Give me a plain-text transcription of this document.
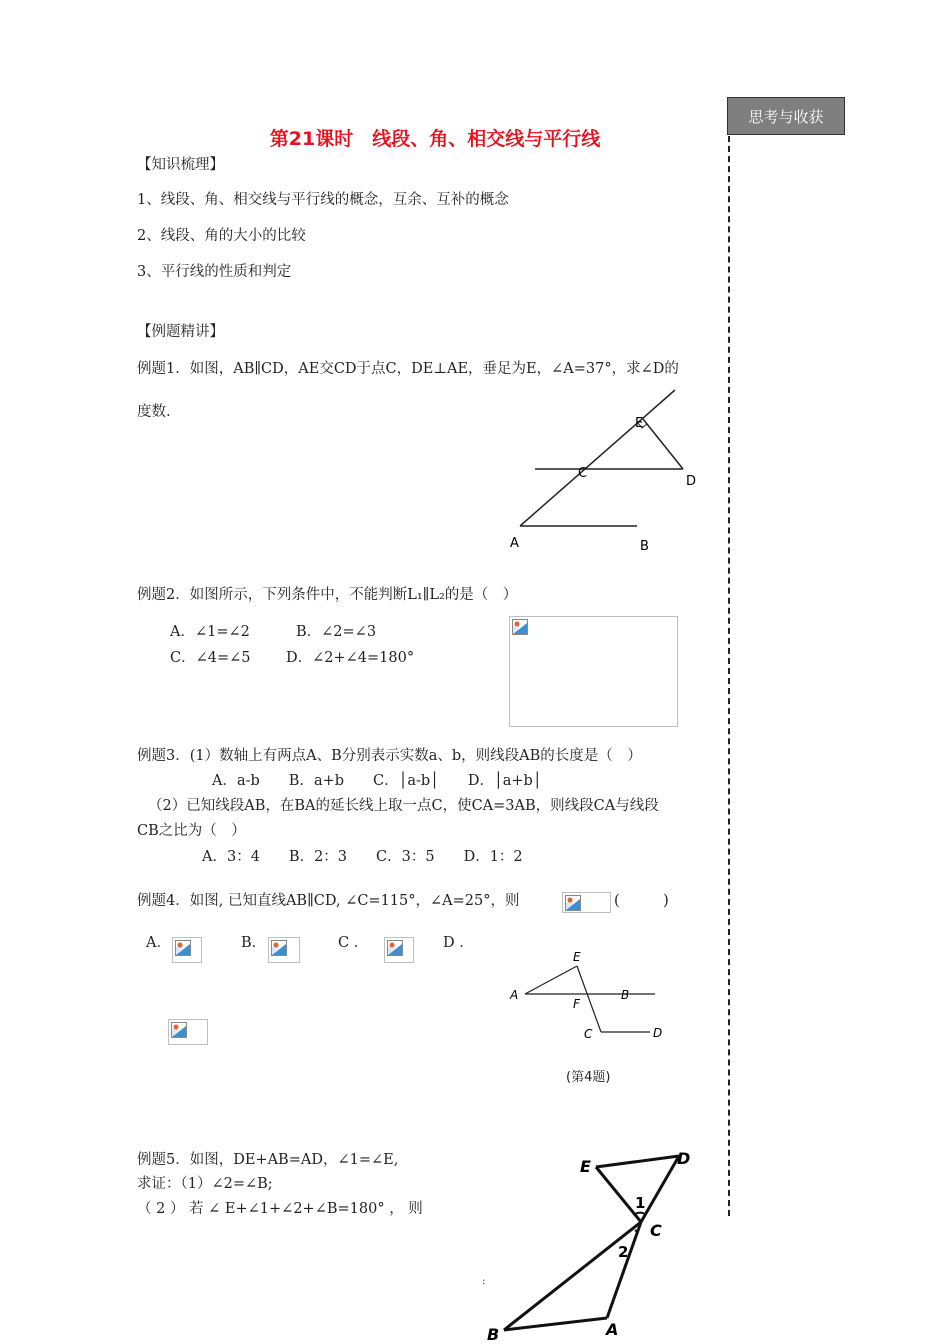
思考与收获
第21课时　线段、角、相交线与平行线
【知识梳理】
1、线段、角、相交线与平行线的概念，互余、互补的概念
2、线段、角的大小的比较
3、平行线的性质和判定
【例题精讲】
例题1．如图，AB∥CD，AE交CD于点C，DE⊥AE，垂足为E，∠A=37°，求∠D的
度数.
E
C
D
A	B
例题2．如图所示，下列条件中，不能判断L₁∥L₂的是（　）
A．∠1=∠2	B．∠2=∠3
C．∠4=∠5 D．∠2+∠4=180°
例题3．(1）数轴上有两点A、B分别表示实数a、b，则线段AB的长度是（　）
A．a-b　　B．a+b　　C．│a-b│　　D．│a+b│
（2）已知线段AB，在BA的延长线上取一点C，使CA=3AB，则线段CA与线段
CB之比为（　）
A．3：4　　B．2：3　　C．3：5　　D．1：2
例题4．如图, 已知直线AB∥CD, ∠C=115°，∠A=25°，则	(　　　)
A．	B．	C ．	D ．
E
A
F
B
C	D
(第4题)
例题5．如图，DE+AB=AD，∠1=∠E,
求证：（1）∠2=∠B;
（ 2 ） 若 ∠ E+∠1+∠2+∠B=180° ， 则
E	D
1
C
2
B	A
:
